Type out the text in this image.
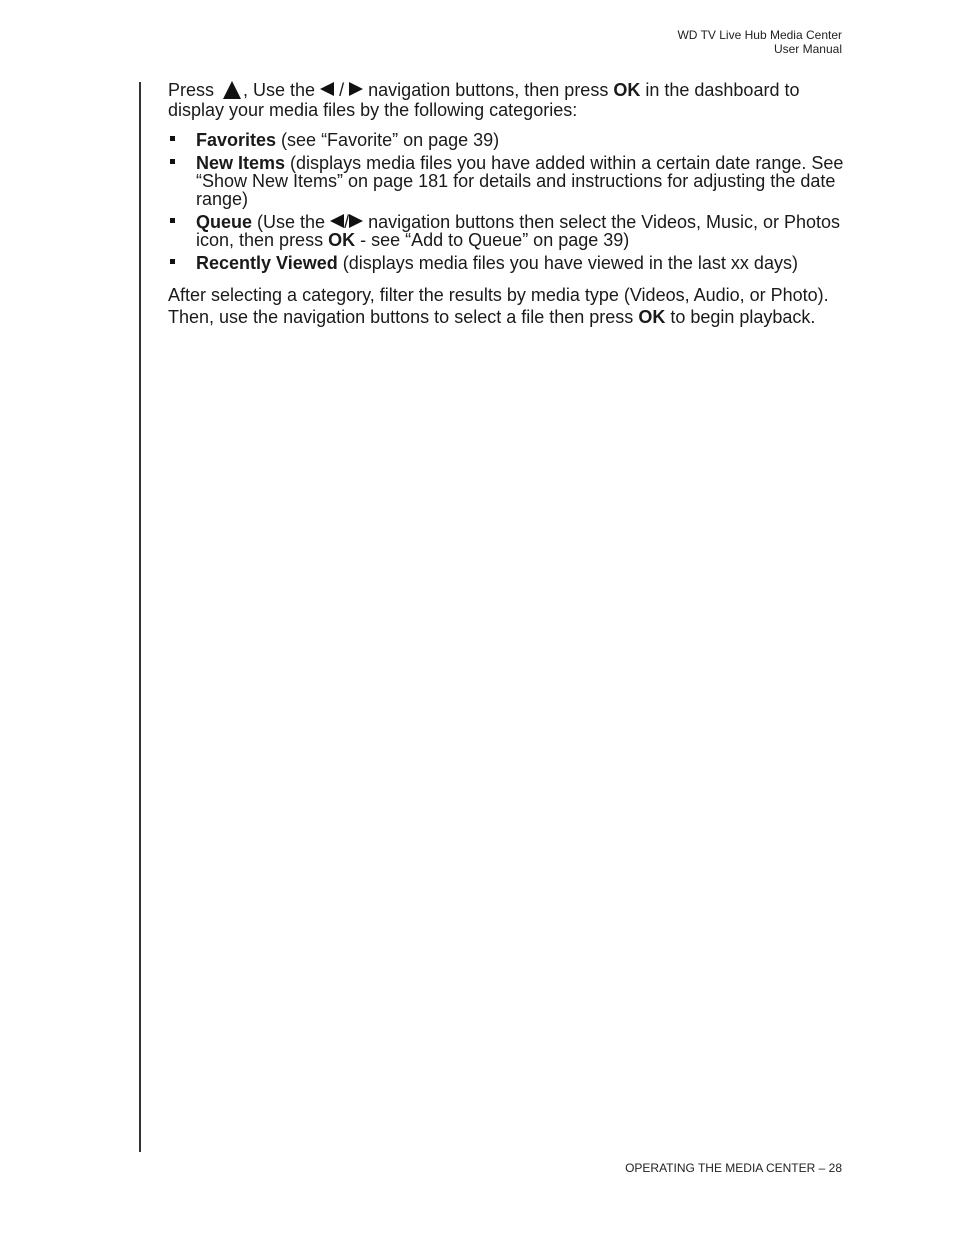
WD TV Live Hub Media Center
User Manual

Press , Use the / navigation buttons, then press OK in the dashboard to display your media files by the following categories:

Favorites (see “Favorite” on page 39)
New Items (displays media files you have added within a certain date range. See “Show New Items” on page 181 for details and instructions for adjusting the date range)
Queue (Use the / navigation buttons then select the Videos, Music, or Photos icon, then press OK - see “Add to Queue” on page 39)
Recently Viewed (displays media files you have viewed in the last xx days)

After selecting a category, filter the results by media type (Videos, Audio, or Photo). Then, use the navigation buttons to select a file then press OK to begin playback.

OPERATING THE MEDIA CENTER – 28
